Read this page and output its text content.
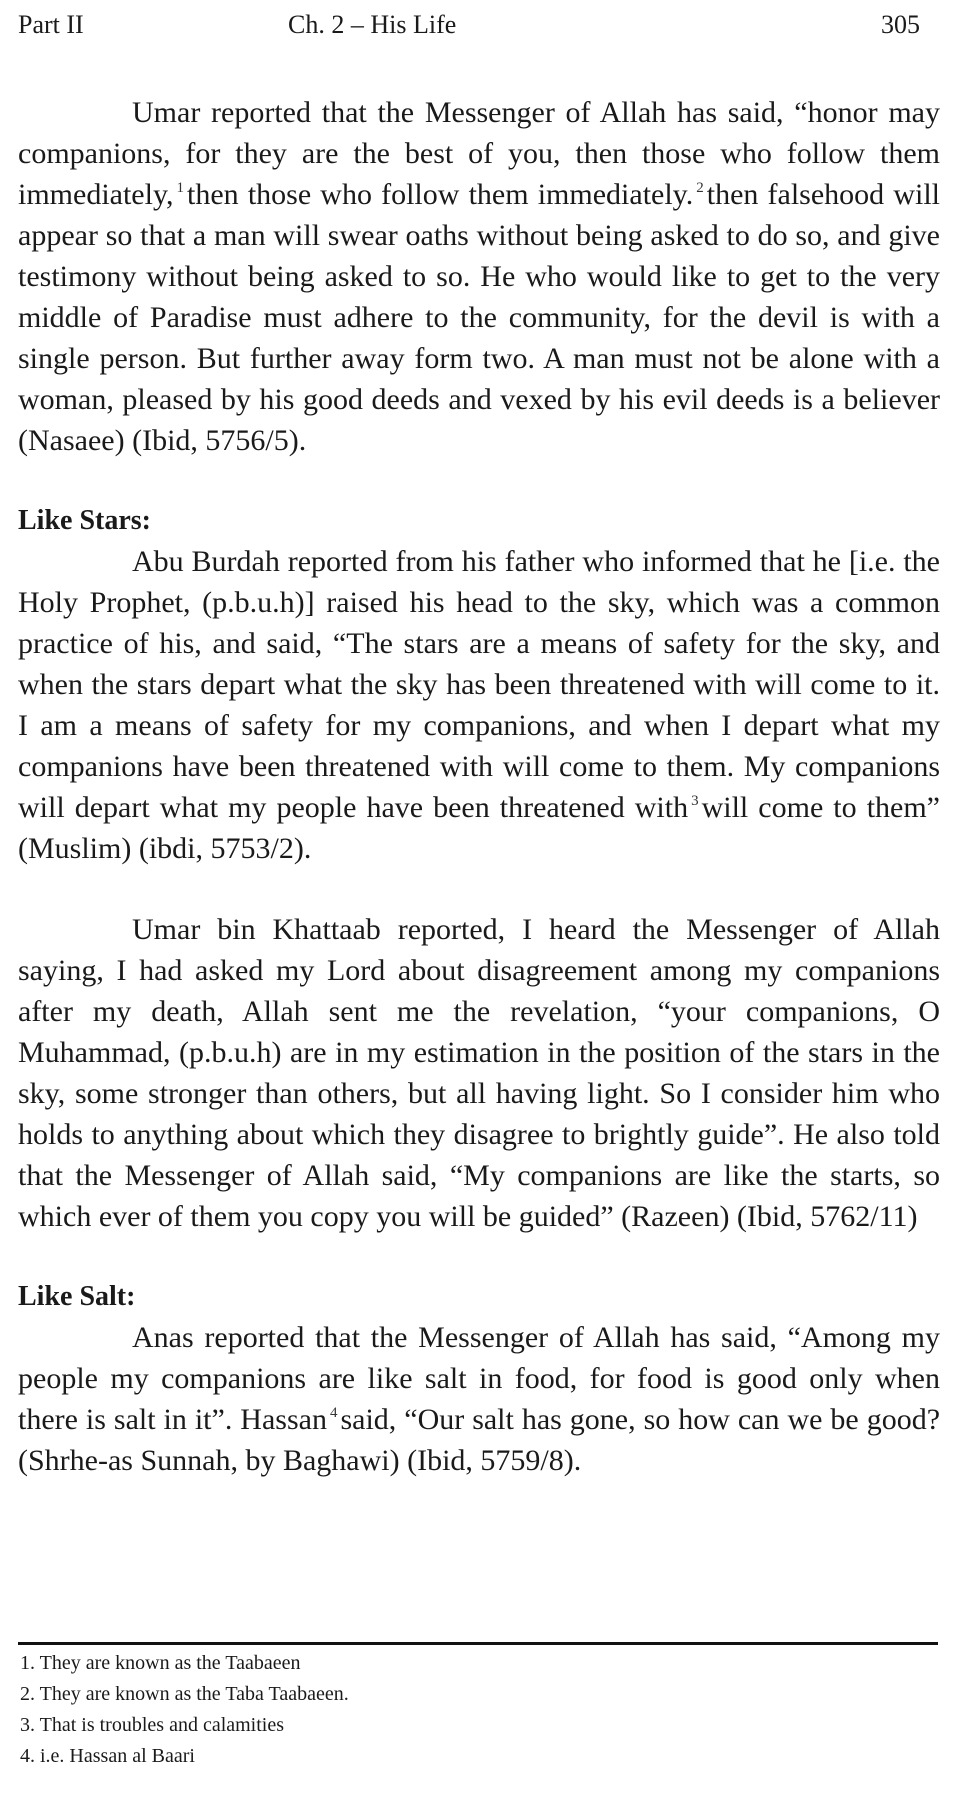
Part II	Ch. 2 – His Life	305

Umar reported that the Messenger of Allah has said, “honor may companions, for they are the best of you, then those who follow them immediately, $^1$ then those who follow them immediately. $^2$ then falsehood will appear so that a man will swear oaths without being asked to do so, and give testimony without being asked to so. He who would like to get to the very middle of Paradise must adhere to the community, for the devil is with a single person. But further away form two. A man must not be alone with a woman, pleased by his good deeds and vexed by his evil deeds is a believer (Nasaee) (Ibid, 5756/5).

Like Stars:

Abu Burdah reported from his father who informed that he [i.e. the Holy Prophet, (p.b.u.h)] raised his head to the sky, which was a common practice of his, and said, “The stars are a means of safety for the sky, and when the stars depart what the sky has been threatened with will come to it. I am a means of safety for my companions, and when I depart what my companions have been threatened with will come to them. My companions will depart what my people have been threatened with $^3$ will come to them” (Muslim) (ibdi, 5753/2).

Umar bin Khattaab reported, I heard the Messenger of Allah saying, I had asked my Lord about disagreement among my companions after my death, Allah sent me the revelation, “your companions, O Muhammad, (p.b.u.h) are in my estimation in the position of the stars in the sky, some stronger than others, but all having light. So I consider him who holds to anything about which they disagree to brightly guide”. He also told that the Messenger of Allah said, “My companions are like the starts, so which ever of them you copy you will be guided” (Razeen) (Ibid, 5762/11)

Like Salt:

Anas reported that the Messenger of Allah has said, “Among my people my companions are like salt in food, for food is good only when there is salt in it”. Hassan $^4$ said, “Our salt has gone, so how can we be good? (Shrhe-as Sunnah, by Baghawi) (Ibid, 5759/8).

1. They are known as the Taabaeen
2. They are known as the Taba Taabaeen.
3. That is troubles and calamities
4. i.e. Hassan al Baari
